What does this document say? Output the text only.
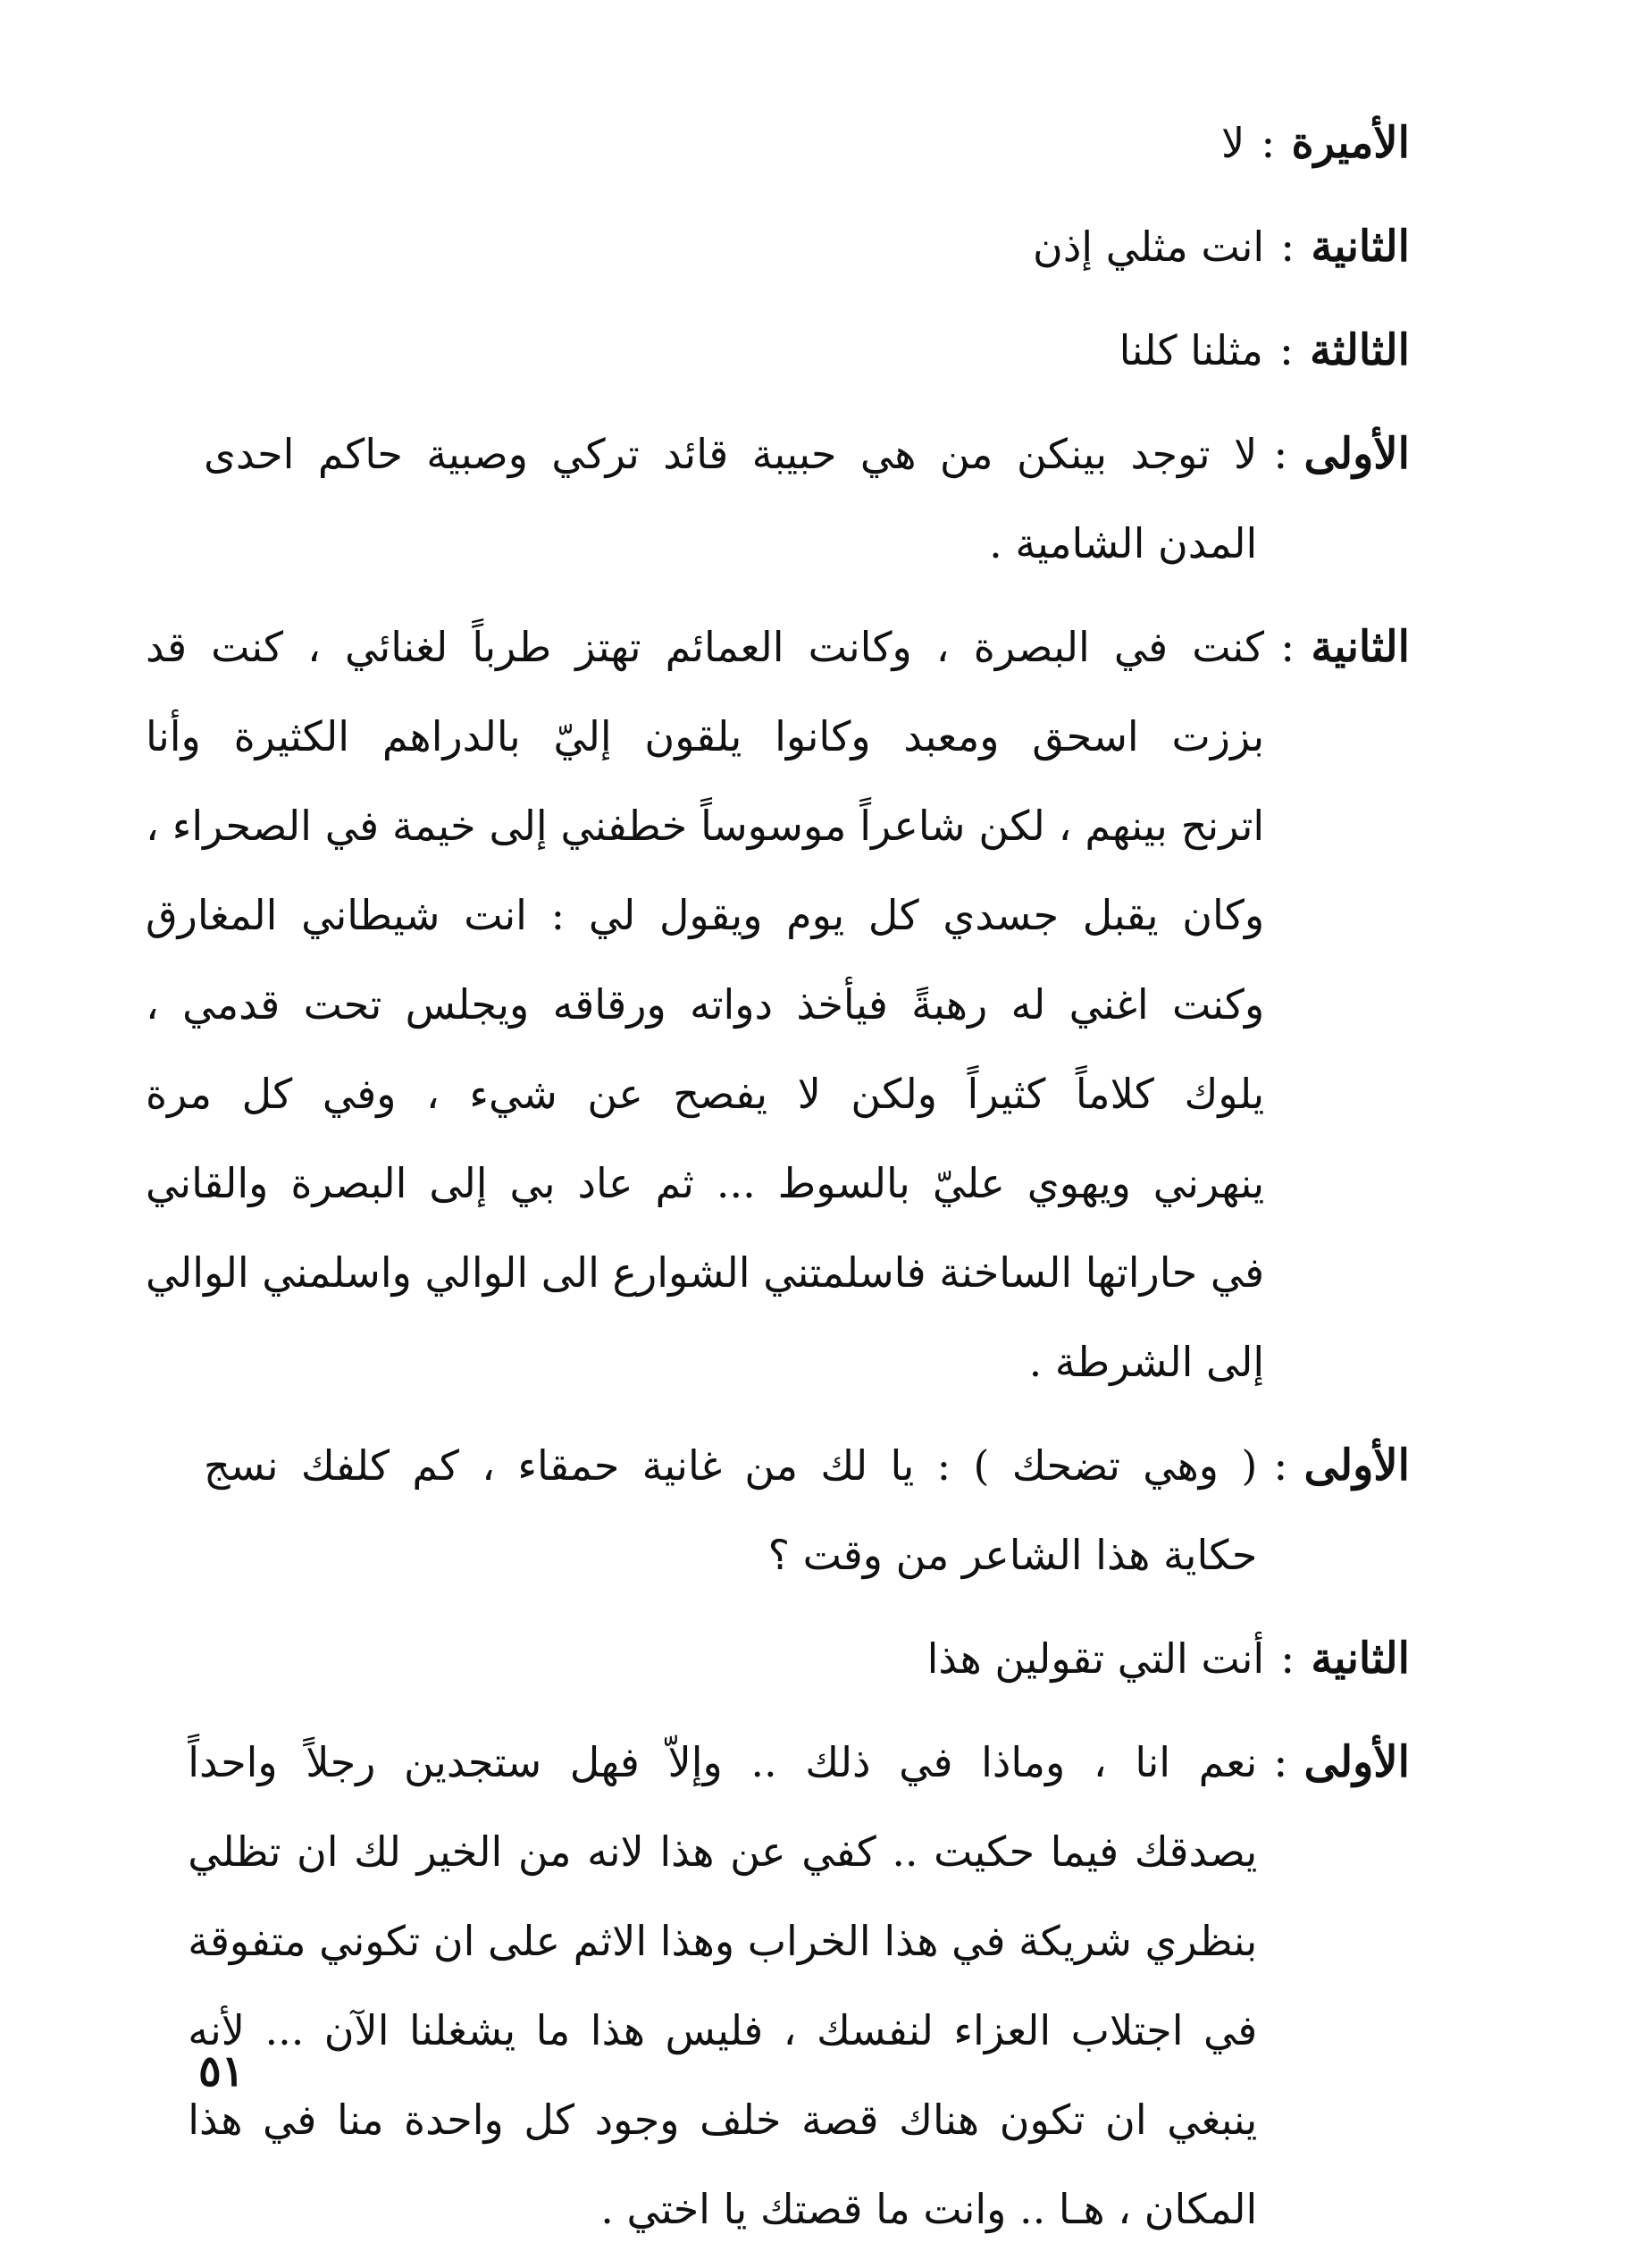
الأميرة
:
لا
الثانية
:
انت مثلي إذن
الثالثة
:
مثلنا كلنا
الأولى
:
لا توجد بينكن من هي حبيبة قائد تركي وصبية حاكم احدى
المدن الشامية .
الثانية
:
كنت في البصرة ، وكانت العمائم تهتز طرباً لغنائي ، كنت قد
بززت اسحق ومعبد وكانوا يلقون إليّ بالدراهم الكثيرة وأنا
اترنح بينهم ، لكن شاعراً موسوساً خطفني إلى خيمة في الصحراء ،
وكان يقبل جسدي كل يوم ويقول لي : انت شيطاني المغارق
وكنت اغني له رهبةً فيأخذ دواته ورقاقه ويجلس تحت قدمي ،
يلوك كلاماً كثيراً ولكن لا يفصح عن شيء ، وفي كل مرة
ينهرني ويهوي عليّ بالسوط ... ثم عاد بي إلى البصرة والقاني
في حاراتها الساخنة فاسلمتني الشوارع الى الوالي واسلمني الوالي
إلى الشرطة .
الأولى
:
( وهي تضحك ) : يا لك من غانية حمقاء ، كم كلفك نسج
حكاية هذا الشاعر من وقت ؟
الثانية
:
أنت التي تقولين هذا
الأولى
:
نعم انا ، وماذا في ذلك .. وإلاّ فهل ستجدين رجلاً واحداً
يصدقك فيما حكيت .. كفي عن هذا لانه من الخير لك ان تظلي
بنظري شريكة في هذا الخراب وهذا الاثم على ان تكوني متفوقة
في اجتلاب العزاء لنفسك ، فليس هذا ما يشغلنا الآن ... لأنه
ينبغي ان تكون هناك قصة خلف وجود كل واحدة منا في هذا
المكان ، هـا .. وانت ما قصتك يا اختي .
٥١
